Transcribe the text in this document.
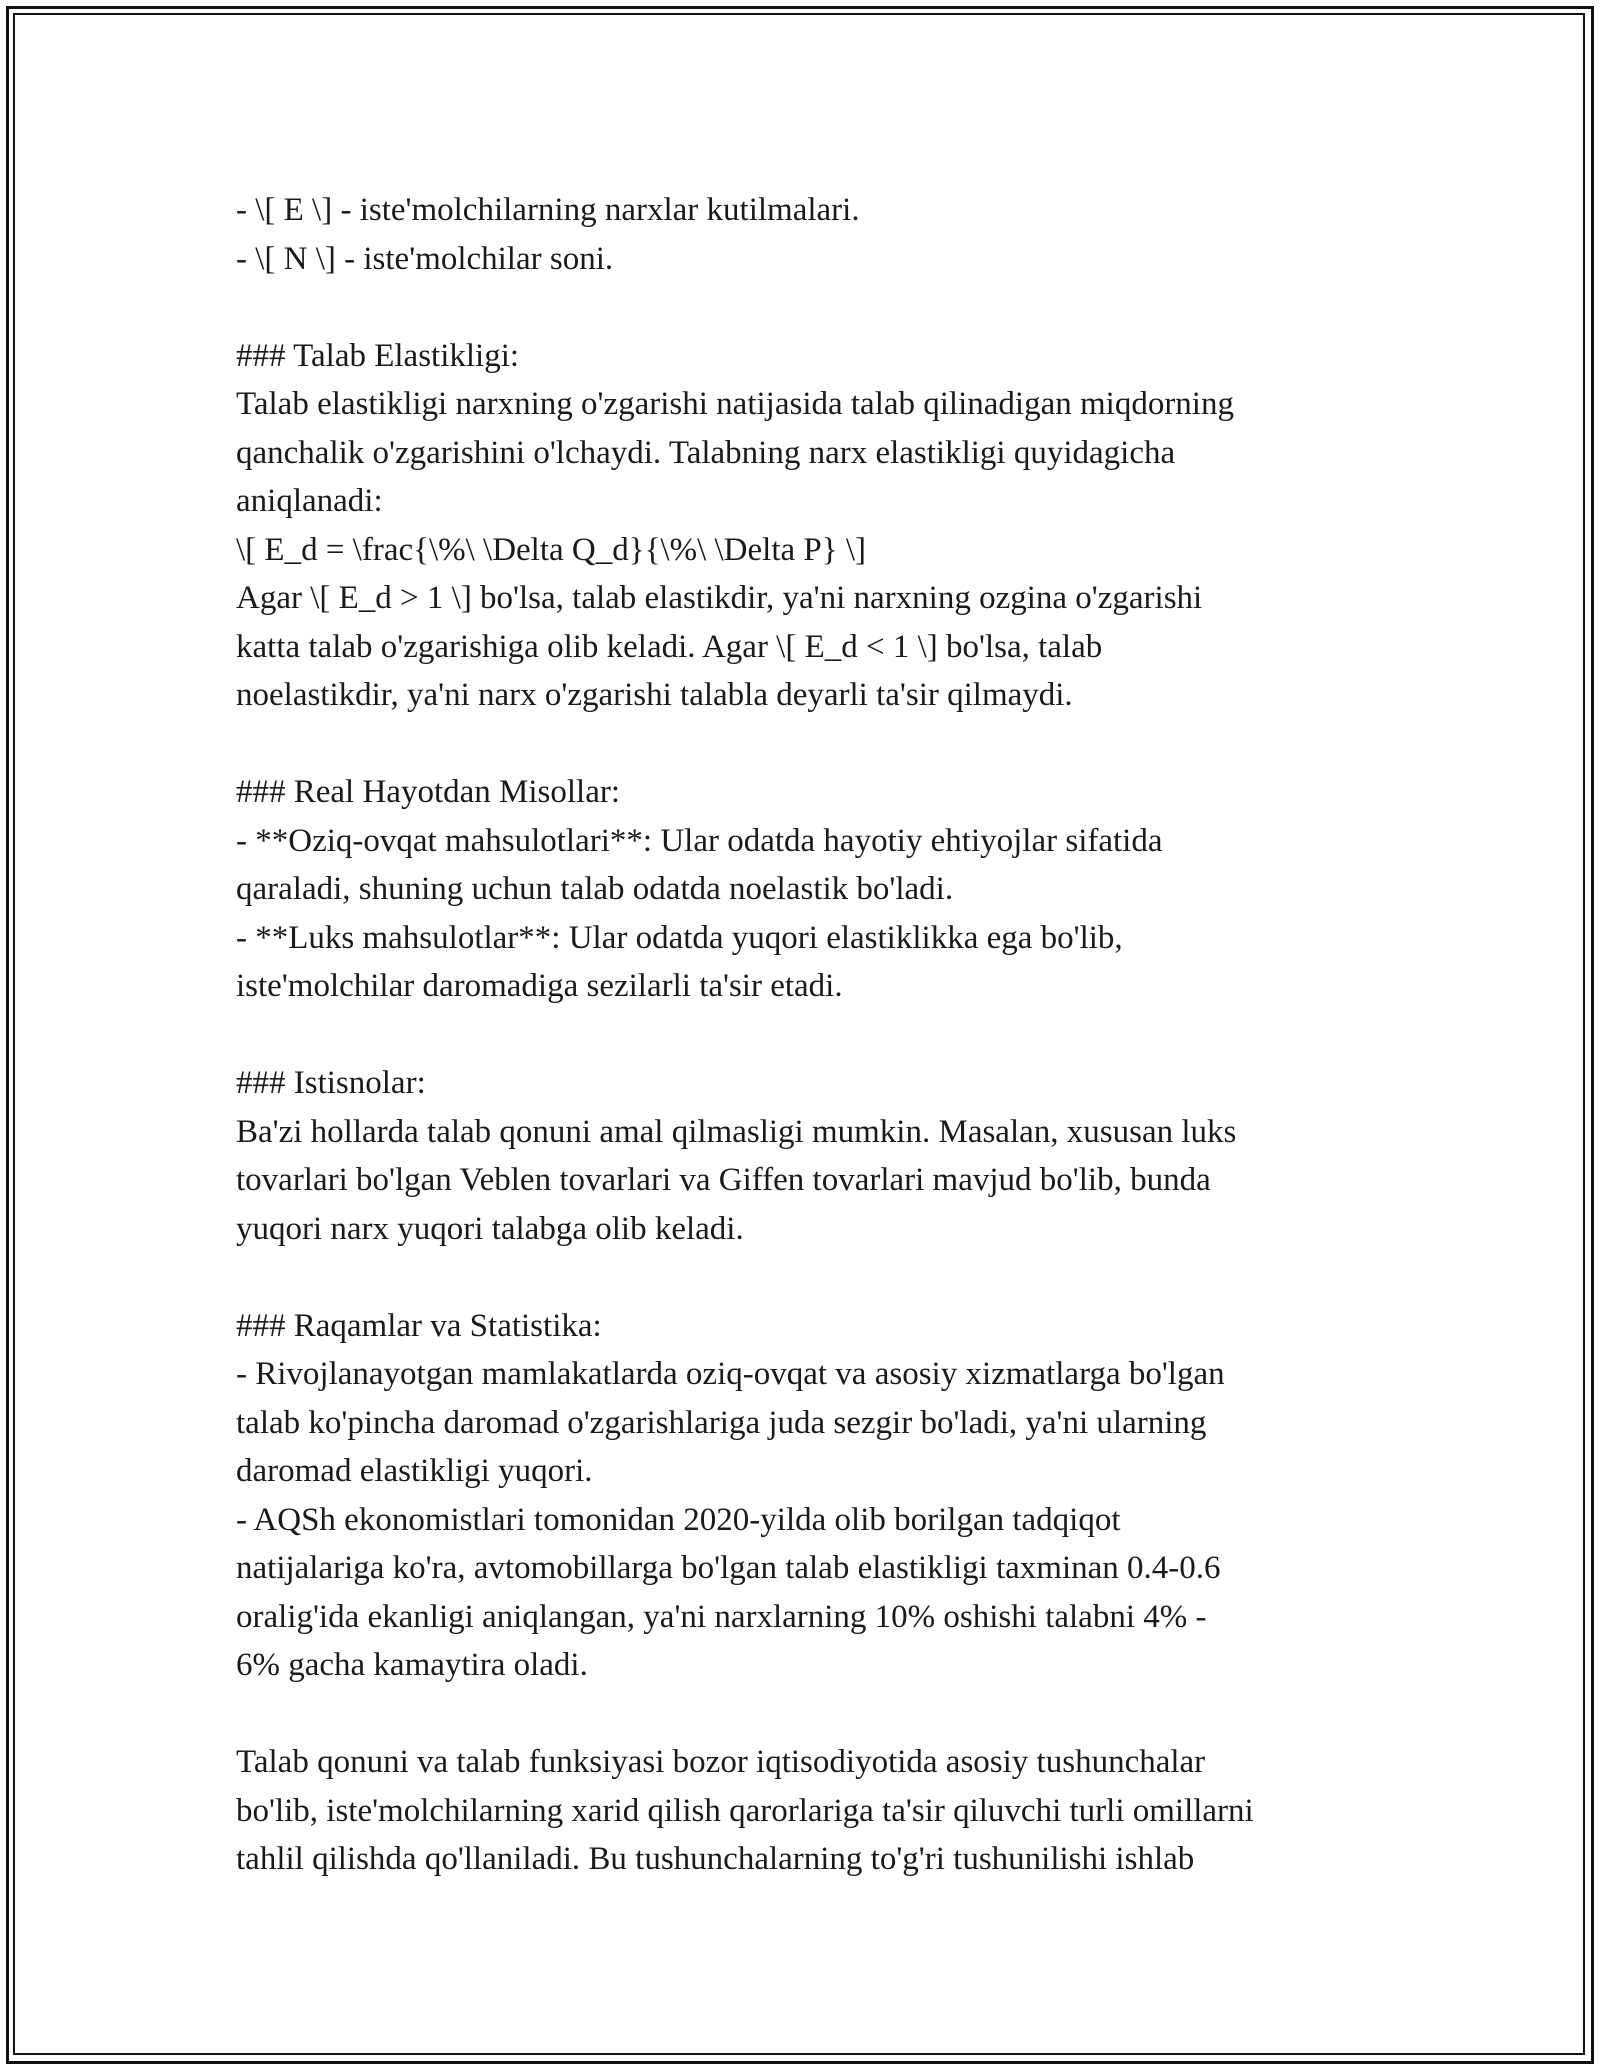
- \[ E \] - iste'molchilarning narxlar kutilmalari.
- \[ N \] - iste'molchilar soni.
### Talab Elastikligi:
Talab elastikligi narxning o'zgarishi natijasida talab qilinadigan miqdorning
qanchalik o'zgarishini o'lchaydi. Talabning narx elastikligi quyidagicha
aniqlanadi:
\[ E_d = \frac{\%\ \Delta Q_d}{\%\ \Delta P} \]
Agar \[ E_d > 1 \] bo'lsa, talab elastikdir, ya'ni narxning ozgina o'zgarishi
katta talab o'zgarishiga olib keladi. Agar \[ E_d < 1 \] bo'lsa, talab
noelastikdir, ya'ni narx o'zgarishi talabla deyarli ta'sir qilmaydi.
### Real Hayotdan Misollar:
- **Oziq-ovqat mahsulotlari**: Ular odatda hayotiy ehtiyojlar sifatida
qaraladi, shuning uchun talab odatda noelastik bo'ladi.
- **Luks mahsulotlar**: Ular odatda yuqori elastiklikka ega bo'lib,
iste'molchilar daromadiga sezilarli ta'sir etadi.
### Istisnolar:
Ba'zi hollarda talab qonuni amal qilmasligi mumkin. Masalan, xususan luks
tovarlari bo'lgan Veblen tovarlari va Giffen tovarlari mavjud bo'lib, bunda
yuqori narx yuqori talabga olib keladi.
### Raqamlar va Statistika:
- Rivojlanayotgan mamlakatlarda oziq-ovqat va asosiy xizmatlarga bo'lgan
talab ko'pincha daromad o'zgarishlariga juda sezgir bo'ladi, ya'ni ularning
daromad elastikligi yuqori.
- AQSh ekonomistlari tomonidan 2020-yilda olib borilgan tadqiqot
natijalariga ko'ra, avtomobillarga bo'lgan talab elastikligi taxminan 0.4-0.6
oralig'ida ekanligi aniqlangan, ya'ni narxlarning 10% oshishi talabni 4% -
6% gacha kamaytira oladi.
Talab qonuni va talab funksiyasi bozor iqtisodiyotida asosiy tushunchalar
bo'lib, iste'molchilarning xarid qilish qarorlariga ta'sir qiluvchi turli omillarni
tahlil qilishda qo'llaniladi. Bu tushunchalarning to'g'ri tushunilishi ishlab
